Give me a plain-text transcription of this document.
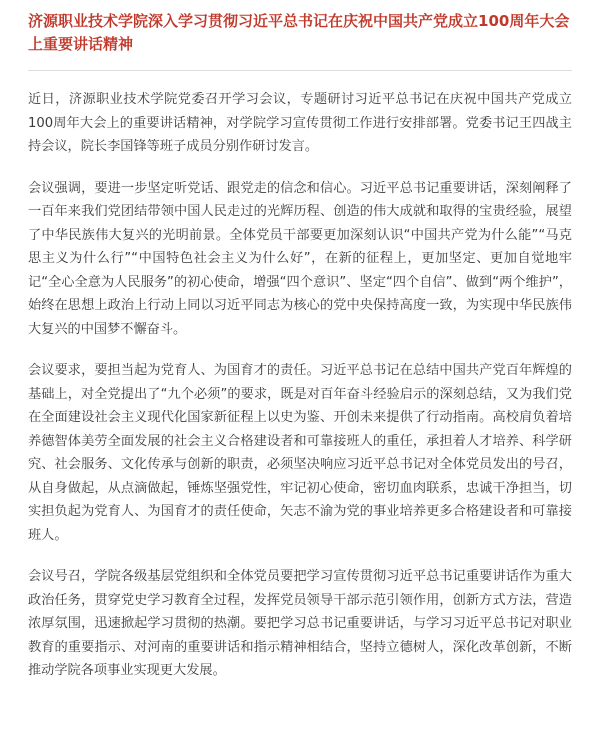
济源职业技术学院深入学习贯彻习近平总书记在庆祝中国共产党成立100周年大会上重要讲话精神

近日，济源职业技术学院党委召开学习会议，专题研讨习近平总书记在庆祝中国共产党成立100周年大会上的重要讲话精神，对学院学习宣传贯彻工作进行安排部署。党委书记王四战主持会议，院长李国锋等班子成员分别作研讨发言。

会议强调，要进一步坚定听党话、跟党走的信念和信心。习近平总书记重要讲话，深刻阐释了一百年来我们党团结带领中国人民走过的光辉历程、创造的伟大成就和取得的宝贵经验，展望了中华民族伟大复兴的光明前景。全体党员干部要更加深刻认识“中国共产党为什么能”“马克思主义为什么行”“中国特色社会主义为什么好”，在新的征程上，更加坚定、更加自觉地牢记“全心全意为人民服务”的初心使命，增强“四个意识”、坚定“四个自信”、做到“两个维护”，始终在思想上政治上行动上同以习近平同志为核心的党中央保持高度一致，为实现中华民族伟大复兴的中国梦不懈奋斗。

会议要求，要担当起为党育人、为国育才的责任。习近平总书记在总结中国共产党百年辉煌的基础上，对全党提出了“九个必须”的要求，既是对百年奋斗经验启示的深刻总结，又为我们党在全面建设社会主义现代化国家新征程上以史为鉴、开创未来提供了行动指南。高校肩负着培养德智体美劳全面发展的社会主义合格建设者和可靠接班人的重任，承担着人才培养、科学研究、社会服务、文化传承与创新的职责，必须坚决响应习近平总书记对全体党员发出的号召，从自身做起，从点滴做起，锤炼坚强党性，牢记初心使命，密切血肉联系，忠诚干净担当，切实担负起为党育人、为国育才的责任使命，矢志不渝为党的事业培养更多合格建设者和可靠接班人。

会议号召，学院各级基层党组织和全体党员要把学习宣传贯彻习近平总书记重要讲话作为重大政治任务，贯穿党史学习教育全过程，发挥党员领导干部示范引领作用，创新方式方法，营造浓厚氛围，迅速掀起学习贯彻的热潮。要把学习总书记重要讲话，与学习习近平总书记对职业教育的重要指示、对河南的重要讲话和指示精神相结合，坚持立德树人，深化改革创新，不断推动学院各项事业实现更大发展。
